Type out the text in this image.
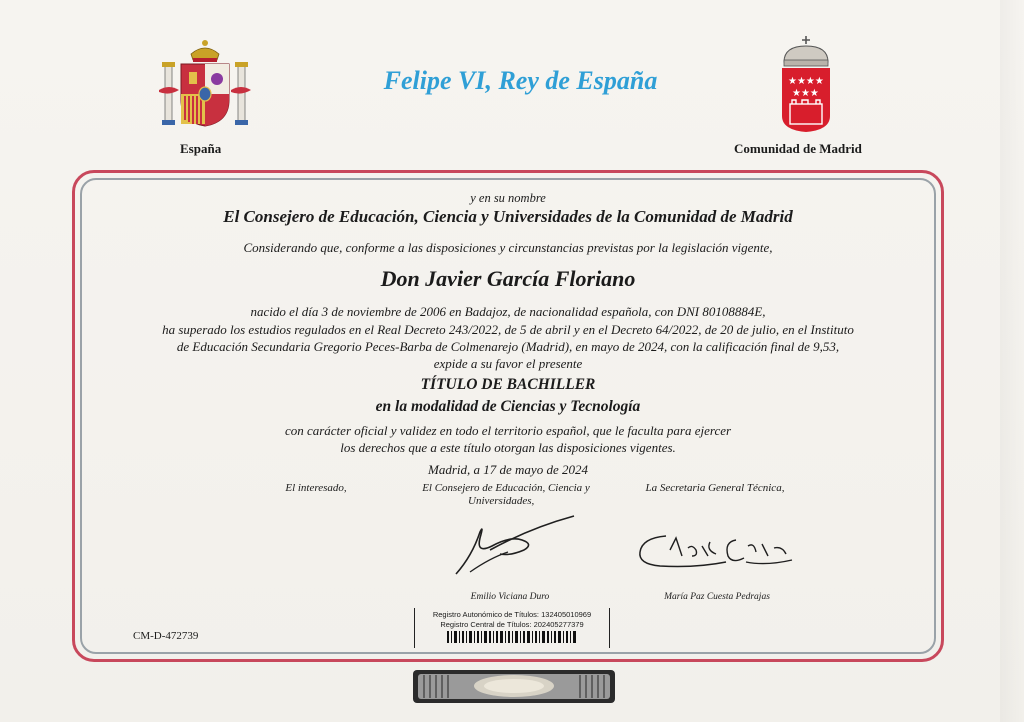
★★★★
★★★
Felipe VI, Rey de España
España	Comunidad de Madrid
y en su nombre
El Consejero de Educación, Ciencia y Universidades de la Comunidad de Madrid
Considerando que, conforme a las disposiciones y circunstancias previstas por la legislación vigente,
Don Javier García Floriano
nacido el día 3 de noviembre de 2006 en Badajoz, de nacionalidad española, con DNI 80108884E,
ha superado los estudios regulados en el Real Decreto 243/2022, de 5 de abril y en el Decreto 64/2022, de 20 de julio, en el Instituto
de Educación Secundaria Gregorio Peces-Barba de Colmenarejo (Madrid), en mayo de 2024, con la calificación final de 9,53,
expide a su favor el presente
TÍTULO DE BACHILLER
en la modalidad de Ciencias y Tecnología
con carácter oficial y validez en todo el territorio español, que le faculta para ejercer
los derechos que a este título otorgan las disposiciones vigentes.
Madrid, a 17 de mayo de 2024
El interesado,	El Consejero de Educación, Ciencia y
Universidades,
La Secretaria General Técnica,
Emilio Viciana Duro	María Paz Cuesta Pedrajas
Registro Autonómico de Títulos: 132405010969
Registro Central de Títulos: 202405277379
CM-D-472739
